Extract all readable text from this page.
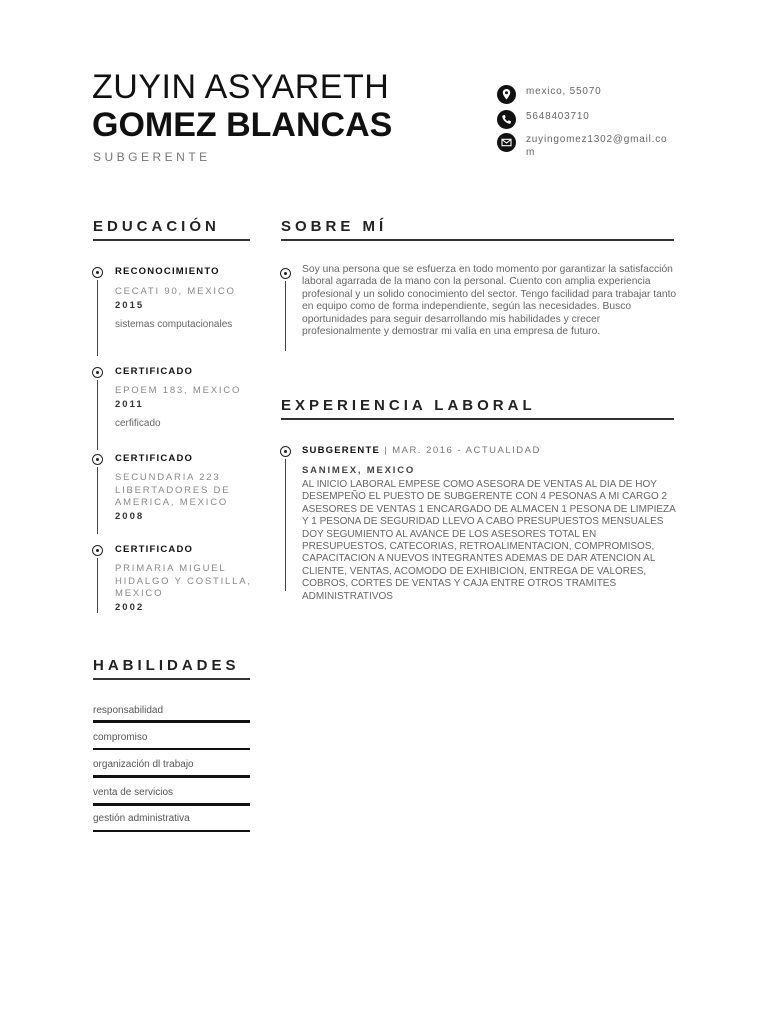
ZUYIN ASYARETH
GOMEZ BLANCAS
SUBGERENTE
mexico, 55070
5648403710
zuyingomez1302@gmail.com
EDUCACIÓN
RECONOCIMIENTO
CECATI 90, MEXICO
2015
sistemas computacionales
CERTIFICADO
EPOEM 183, MEXICO
2011
cerfificado
CERTIFICADO
SECUNDARIA 223 LIBERTADORES DE AMERICA, MEXICO
2008
CERTIFICADO
PRIMARIA MIGUEL HIDALGO Y COSTILLA, MEXICO
2002
HABILIDADES
responsabilidad
compromiso
organización dl trabajo
venta de servicios
gestión administrativa
SOBRE MÍ
Soy una persona que se esfuerza en todo momento por garantizar la satisfacción laboral agarrada de la mano con la personal. Cuento con amplia experiencia profesional y un solido conocimiento del sector. Tengo facilidad para trabajar tanto en equipo como de forma independiente, según las necesidades. Busco oportunidades para seguir desarrollando mis habilidades y crecer profesionalmente y demostrar mi valía en una empresa de futuro.
EXPERIENCIA LABORAL
SUBGERENTE | MAR. 2016 - ACTUALIDAD
SANIMEX, MEXICO
AL INICIO LABORAL EMPESE COMO ASESORA DE VENTAS AL DIA DE HOY DESEMPEÑO EL PUESTO DE SUBGERENTE CON 4 PESONAS A MI CARGO 2 ASESORES DE VENTAS 1 ENCARGADO DE ALMACEN 1 PESONA DE LIMPIEZA Y 1 PESONA DE SEGURIDAD LLEVO A CABO PRESUPUESTOS MENSUALES DOY SEGUMIENTO AL AVANCE DE LOS ASESORES TOTAL EN PRESUPUESTOS, CATECORIAS, RETROALIMENTACION, COMPROMISOS, CAPACITACION A NUEVOS INTEGRANTES ADEMAS DE DAR ATENCION AL CLIENTE, VENTAS, ACOMODO DE EXHIBICION, ENTREGA DE VALORES, COBROS, CORTES DE VENTAS Y CAJA ENTRE OTROS TRAMITES ADMINISTRATIVOS
